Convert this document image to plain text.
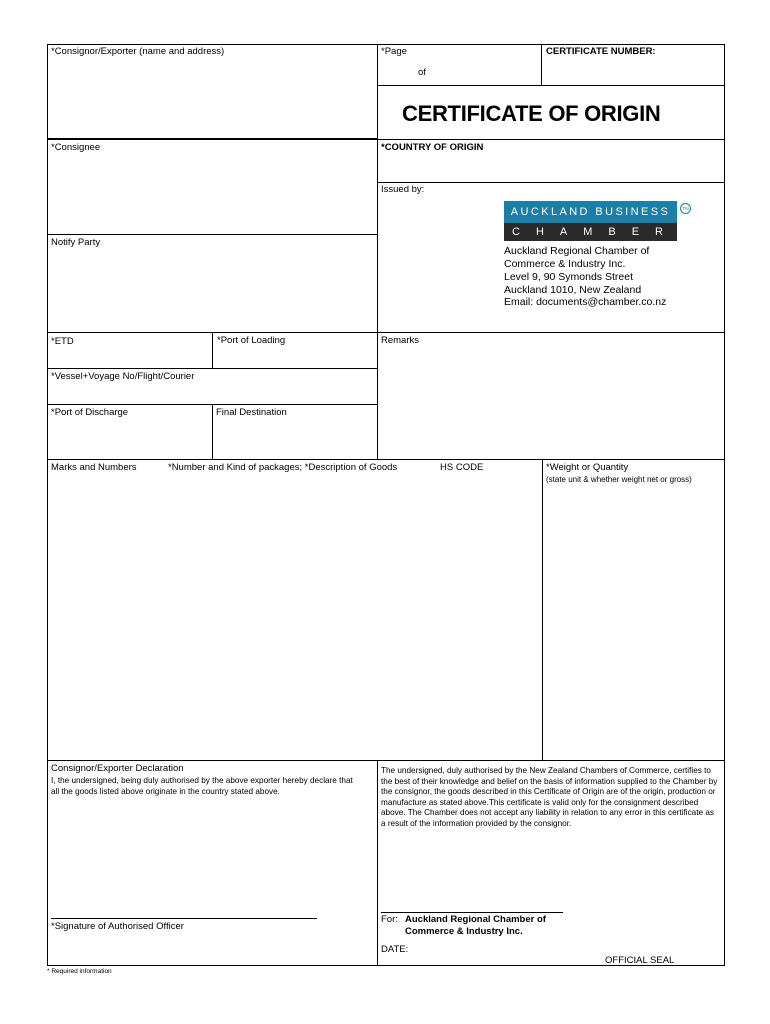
*Consignor/Exporter (name and address)	*Page
of
CERTIFICATE NUMBER:
CERTIFICATE OF ORIGIN
*Consignee	*COUNTRY OF ORIGIN
Issued by:
AUCKLAND BUSINESS
CHAMBER
TM
Auckland Regional Chamber of
Commerce & Industry Inc.
Level 9, 90 Symonds Street
Auckland 1010, New Zealand
Email: documents@chamber.co.nz
Notify Party
*ETD	*Port of Loading	Remarks
*Vessel+Voyage No/Flight/Courier
*Port of Discharge	Final Destination
Marks and Numbers	*Number and Kind of packages; *Description of Goods	HS CODE	*Weight or Quantity
(state unit & whether weight net or gross)
Consignor/Exporter Declaration
I, the undersigned, being duly authorised by the above exporter hereby declare that all the goods listed above originate in the country stated above.
*Signature of Authorised Officer
The undersigned, duly authorised by the New Zealand Chambers of Commerce, certifies to the best of their knowledge and belief on the basis of information supplied to the Chamber by the consignor, the goods described in this Certificate of Origin are of the origin, production or manufacture as stated above.This certificate is valid only for the consignment described above. The Chamber does not accept any liability in relation to any error in this certificate as a result of the information provided by the consignor.
For: Auckland Regional Chamber of
Commerce & Industry Inc.
DATE:
OFFICIAL SEAL
* Required information
